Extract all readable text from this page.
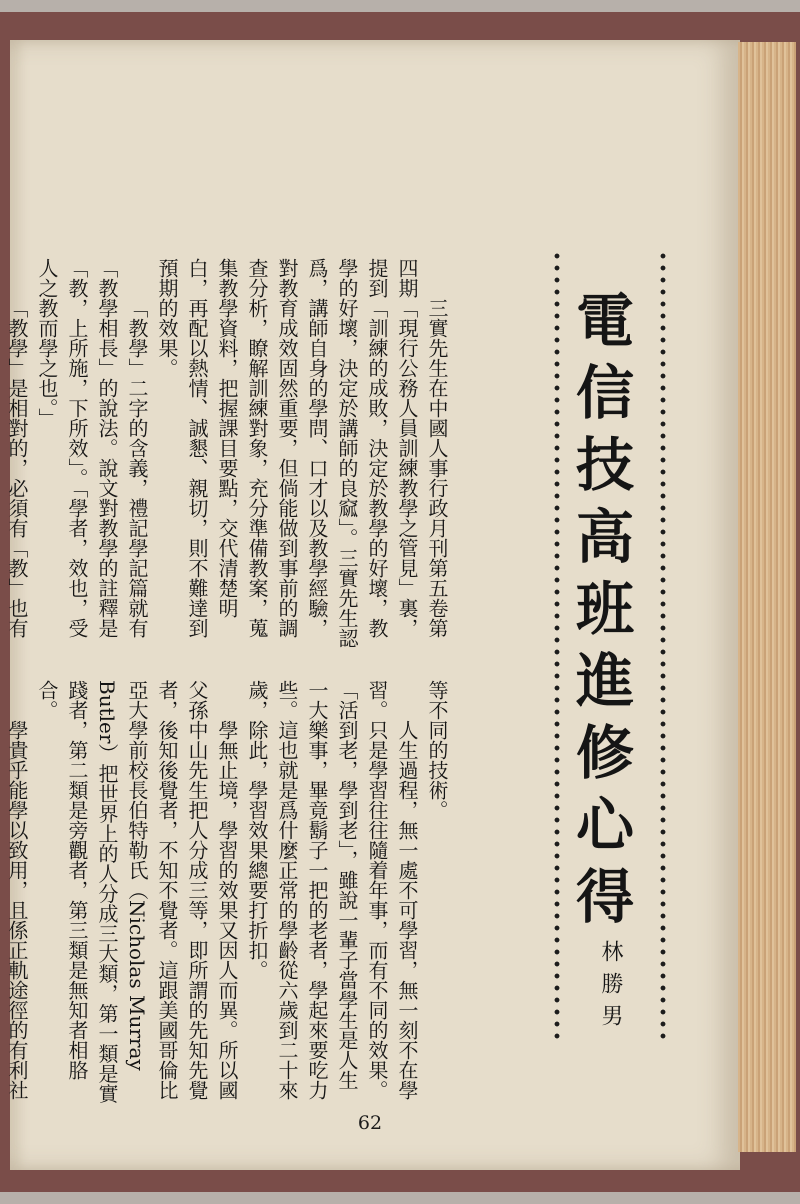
電信技高班進修心得
林勝男

三實先生在中國人事行政月刊第五卷第四期「現行公務人員訓練教學之管見」裏，提到「訓練的成敗，決定於教學的好壞，教學的好壞，決定於講師的良窳」。三實先生認爲，講師自身的學問、口才以及教學經驗，對教育成效固然重要，但倘能做到事前的調查分析，瞭解訓練對象，充分準備教案，蒐集教學資料，把握課目要點，交代清楚明白，再配以熱情、誠懇、親切，則不難達到預期的效果。

「教學」二字的含義，禮記學記篇就有「教學相長」的說法。說文對教學的註釋是「教，上所施，下所效」。「學者，效也，受人之教而學之也。」

「教學」是相對的，必須有「教」也有

等不同的技術。

人生過程，無一處不可學習，無一刻不在學習。只是學習往往隨着年事，而有不同的效果。「活到老，學到老」，雖說一輩子當學生是人生一大樂事，畢竟鬍子一把的老者，學起來要吃力些。這也就是爲什麼正常的學齡從六歲到二十來歲，除此，學習效果總要打折扣。

學無止境，學習的效果又因人而異。所以國父孫中山先生把人分成三等，即所謂的先知先覺者，後知後覺者，不知不覺者。這跟美國哥倫比亞大學前校長伯特勒氏（Nicholas Murray Butler）把世界上的人分成三大類，第一類是實踐者，第二類是旁觀者，第三類是無知者相胳合。

學貴乎能學以致用，且係正軌途徑的有利社

62
